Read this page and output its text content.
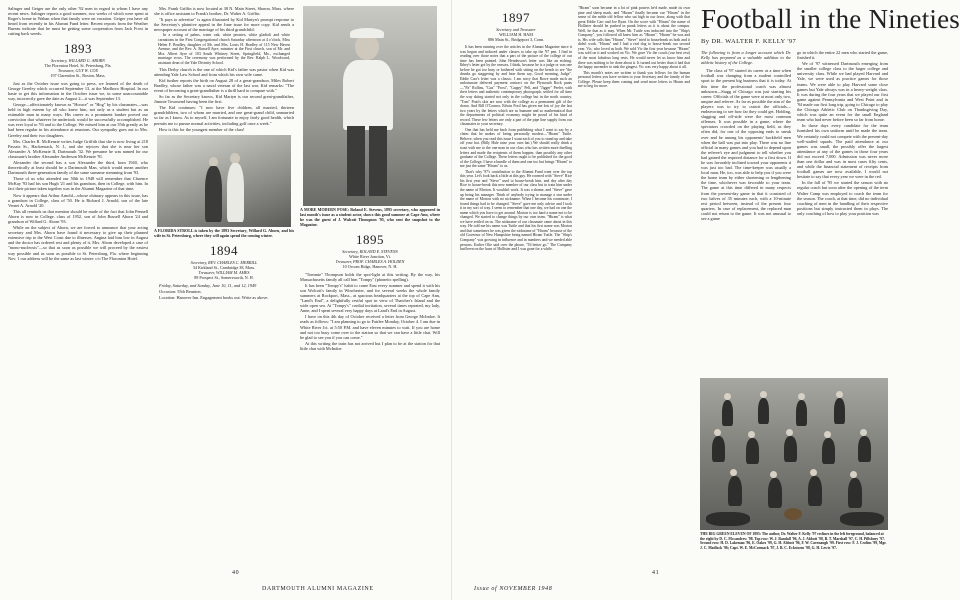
Salinger and Geiger are the only other '92 men in regard to whom I have any recent news. Salinger reports a good summer, two weeks of which were spent at Roger's home in Waban when that family were on vacation. Geiger you have all heard from recently in his Alumni Fund letter. Recent reports from the Weather Bureau indicate that he must be getting some cooperation from Jack Frost in cutting back weeds.

1893
Secretary, WILLARD G. ABORN
The Floronton Hotel, St. Petersburg, Fla.
Treasurer, GUY W. COX
197 Clarendon St., Boston, Mass.

Just as the October issue was going to press, we learned of the death of George Greeley which occurred September 13, at the Marlboro Hospital. In our haste to get this information in the October issue we, in some unaccountable way, incorrectly gave the date as August 2—it was September 13.

George—affectionately known as "Horace" or "Hog" by his classmates—was held in high esteem by all who knew him, not only as a student but as an estimable man in many ways. His career as a prominent banker proved our conviction that whatever he undertook would be successfully accomplished. He was ever loyal to '93 and to the College. We missed him at our 55th greatly as he had been regular in his attendance at reunions. Our sympathy goes out to Mrs. Greeley and their two daughters.

Mrs. Charles R. McKenzie writes Judge Griffith that she is now living at 218 Passaic St., Hackensack, N. J., and she rejoices that she is near her son Alexander A. McKenzie II, Dartmouth '32. We presume he was named for our classmate's brother Alexander Anderson McKenzie '91.

Alexander the second has a son Alexander the third, born 1940, who theoretically at least should be a Dartmouth Man, which would mean another Dartmouth three-generation family of the same surname stemming from '93.

Those of us who attended our 50th in 1948 will remember that Clarence McKay '93 had his son Hugh '21 and his grandson, then in College, with him. In fact their picture taken together was in the Alumni Magazine of that time.

Now it appears that Arthur Arnold—whose obituary appears in this issue, has a grandson in College, class of '50. He is Richard J. Arnold, son of the late Vernet A. Arnold '20.

This all reminds us that mention should be made of the fact that John Pennell Aborn is now in College, class of 1952, son of John Russell Aborn '24 and grandson of Willard G. Aborn '93.

While on the subject of Aborn, we are forced to announce that your acting secretary and Mrs. Aborn have found it necessary to give up their planned extensive trip to the West Coast due to illnesses. Angina laid him low in August and the doctor has ordered rest and plenty of it. Mrs. Aborn developed a case of "mono-nucleosis"—so that as soon as possible we will proceed by the easiest way possible and as soon as possible to St. Petersburg, Fla. where beginning Nov. 1 our address will be the same as last winter: c/o The Floronton Hotel.

Mrs. Frank Griffin is now located at 38 N. Main Street, Sharon, Mass. where she is office assistant to Frank's brother, Dr. Walter A. Griffin.

"It pays to advertise" is again illustrated by Kid Martyn's prompt response to the Secretary's plaintive appeal in the June issue for more copy. Kid sends a newspaper account of the marriage of his third grandchild:

In a setting of palms, water oak, white peonies, white gladioli and white carnations in the First Congregational church Saturday afternoon at 4 o'clock, Miss Helen F. Bradley, daughter of Mr. and Mrs. Louis H. Bradley of 115 New Haven Avenue, and the Rev. A. Russell Ayre, minister at the First church, son of Mr. and Mrs. Albert Ayre of 103 South Whitney Street, Springfield, Mo., exchanged marriage vows. The ceremony was performed by the Rev. Ralph L. Woodward, assistant dean of the Yale Divinity School.

This Derby church is the one of which Kid's father was pastor when Kid was attending Yale Law School and from which his own wife came.

Kid further reports the birth on August 28 of a great-grandson, Miles Robert Bradley, whose father was a naval veteran of the last war. Kid remarks: "The event of becoming a great-grandfather is a thrill hard to compare with."

So far as the Secretary knows, Kid Martyn is our second great-grandfather, Jimmie Townsend having been the first.

The Kid continues: "I now have five children, all married, thirteen grandchildren, two of whom are married, and one great-grand child, unmarried so far as I know. As to myself, I am fortunate to enjoy fairly good health, which permits me to pursue normal activities, including golf once a week."

How is this for the youngest member of the class!

A FLORIDA STROLL is taken by the 1893 Secretary, Willard G. Aborn, and his wife in St. Petersburg, where they will again spend the coming winter.
1894
Secretary, REV. CHARLES C. MERRILL
34 Kirkland St., Cambridge 38, Mass.
Treasurer, WILLIAM M. AMES
89 Prospect St., Somersworth, N. H.

Friday, Saturday, and Sunday, June 10, 11, and 12, 1949

Occasion: 55th Reunion.

Location: Hanover Inn. Engagement books out. Write as above.

A MORE MODERN POSE: Roland E. Stevens, 1895 secretary, who appeared in last month's issue as a student actor, shows this good summer at Cape Ann, where he was the guest of J. Walcott Thompson '95, who sent the snapshot to the Magazine.
1895
Secretary, ROLAND E. STEVENS
White River Junction, Vt.
Treasurer, PROF. CHARLES A. HOLDEN
10 Occom Ridge, Hanover, N. H.

"Tommie" Thompson holds the spot-light at this writing. By the way, his Massachusetts family all call him "Tompy" (phonetic spelling).

It has been "Tompy's" habit to come East every summer and spend it with his son Wolcott's family in Winchester, and for several weeks the whole family summers at Rockport, Mass., at spacious headquarters at the top of Cape Ann, "Land's End", a delightfully restful spot in view of Thatcher's Island and the wide open sea. At "Tompy's" cordial invitation, several times repeated, my lady, Anne, and I spent several very happy days at Land's End in August.

I have on this 4th day of October received a letter from George McIndoe. It reads as follows: "I am planning to go to Fairlee Monday, October 4. I am due in White River Jct. at 5:50 P.M. and have eleven minutes to wait. If you are home and not too busy come over to the station so that we can have a little chat. Will be glad to see you if you can come."

At this writing the train has not arrived but I plan to be at the station for that little chat with McIndoe.

40
DARTMOUTH ALUMNI MAGAZINE
1897
Secretary and Treasurer
WILLIAM H. HAM
886 Main St., Bridgeport 3, Conn.

It has been running over the articles in the Alumni Magazine since it was begun and induced under classes to take up the '97 pen. I find in reading over those notes that a part of the picture of the college of our time has been painted. John Henderson's letter was like an etching. Ibbey's letter got by the censors, I think, because he is a judge or was one before he got too busy or bothered with sitting on the bench to see "the drunks go staggering by and hear them say, Good morning, Judge". Eddie Carr's letter was a classic. I am sorry that Rowe made such an unfortunate deferred payment contract on the Plymouth Rock pants—"Pa" Rollins, "Gus" "Frost", "Gappy" Pell, and "Jigger" Peeler, with their letters and authentic contemporary photograph, settled for all time the way skiing started not only in the college but in the north country. "Tom" Pratt's skis are now with the college as a permanent gift of the donor. And Bill O'Connor, Edwin Ford has given me lots of joy the last two years by the letters which are so humane and so mathematical that the departments of political economy might be proud of his kind of record. These few letters are only a part of the pipe line supply from our classmates to your secretary.

One that has held me back from publishing what I want to say by a claim that he makes of being personally modest—"Hiram" Tuttle. Believe, when you read this issue I want each of you to stand up and take off your hat. (Billy Hale raise your own hat.) We should really drink a toast with me to the one man in our class who has written more duelling letters and made the recipients of them happier, than possibly any other graduate of the College. These letters ought to be published for the good of the College. I have a bundle of them and one too but brings "Hiram" to me just the same "Hiram" to us.

That's why '97's contribution to the Alumni Fund went over the top this year. Let's look back a little at this guy. He roomed with "Steve" Rice his first year and "Steve" used to house-break him, and day after day Rice to house-break this new member of our class but to train him under the name of Morton. It wouldn't work. It was a shame, and "Steve" gave up being his manager. Think of anybody trying to manage a star under the name of Morton with no nickname. When I became his roommate, I found things had to be changed. "Steve" gave me only advice and I took it in my sort of way. I seem to remember that one day, we had on one the name which you have to get around. Morton is too hard a name not to be changed. We started to change things by our own team. "Hiram" is what we have settled on us. The nickname of our classmate came about in this way. He told me his name was Tuttle and that his first name was Morton and that sometimes he was given the nickname of "Hiram" because of the old Governor of New Hampshire being named Hiram Tuttle. The "Ship's Company" was growing in influence and in numbers and we needed able persons. Earlier Olie said over the phone, "I'd better go." The Company had been on the lawn of Hollister and I was gone for a while.

"Hiram" soon became in a lot of pink posters he'd made, made its own pine and sheep mark, and "Hiram" finally became our "Hiram" in the sense of the noble old fellow who sat high in our favor, along with that great Eddie Carr and Joe Ryan. On the score with "Hiram" the name of Hollister should be pushed in prank letters as it is about the campus. Well, he that as it may. When Mr. Tuttle was inducted into the "Ship's Company", you followed all knew him as "Hiram". "Hiram" he was and is. His wife calls him "Hiram". "Steve" tried to housebreak us both and it didn't work. "Hiram" and I had a real dog to house-break our second year. Vic, who loved us both. We sold Vic the first year because "Hiram" was sold on it and worked on Vic. We gave Vic the couch (our best rest) of the most fabulous long rests. He would never let us know him and there was nothing to be done about it. It turned out better than it had that the happy surrender to sink the gingest. Vic was very happy about it all.

This month's notes are written to thank you fellows for the human personal letters you have written to your Secretary and the family of the College. Please keep them coming and send more letters to Hiram and me to beg for more.

Football in the Nineties
By DR. WALTER F. KELLY '97

The following is from a longer account which Dr. Kelly has prepared as a valuable addition to the athletic history of the College.

The class of '97 started its career at a time when football was changing from a student controlled sport to the present big business that it is today. At this time the professional coach was almost unknown—Stagg of Chicago was just starting his career. Officials of the game were at most only two, umpire and referee. As far as possible the aim of the players was to try to outwit the officials—endeavoring to see how far they could get. Holding, slugging and off-side were the most common offenses. It was possible in a game, where the spectators crowded on the playing field, as they often did, for one of the opposing ends to sneak over and be among his opponents' backfield men when the ball was put into play. There was no line official in many games and you had to depend upon the referee's eye and judgment to tell whether you had gained the required distance for a first down. If he was favorably inclined toward your opponents it was just too bad. The time-keeper was usually a local man. He, too, was able to help you if you were the home team by either shortening or lengthening the time, whichever was favorable to your team. The game at this time differed in many respects from the present-day game in that it consisted of two halves of 35 minutes each, with a 10-minute rest period between, instead of the present four quarters. In case of replacement, the replaced man could not return to the game. It was not unusual to see a game

go in which the entire 22 men who started the game, finished it.

We of '97 witnessed Dartmouth emerging from the smaller college class to the larger college and university class. While we had played Harvard and Yale, we were used as practice games for those teams. We were able to play Harvard some close games but Yale always was in a heavy-weight class. It was during the four years that we played our first game against Pennsylvania and West Point and in '94 made our first long trip, going to Chicago to play the Chicago Athletic Club on Thanksgiving Day, which was quite an event for the small England team who had never before been so far from home.

In those days every candidate for the team furnished his own uniform until he made the team. We certainly could not compete with the present-day well-staffed squads. The paid attendance at our games was small, the possibly offer the largest attendance at any of the games in those four years did not exceed 7,000. Admission was never more than one dollar and was in most cases fifty cents, and while the financial statement of receipts from football games are now available, I would not hesitate to say that every year we were in the red.

In the fall of '95 we started the season with no regular coach but soon after the opening of the term Walter Camp was employed to coach the team for the season. The coach, at that time, did no individual coaching of men in the handling of their respective positions but simply instructed them in plays. The only coaching of how to play your position was

THE BIG GREEN ELEVEN OF 1895: The author, Dr. Walter F. Kelly '97 reclines in the left foreground, balanced at the right by D. C. Mccandrew '98. Top row: W. J. Randall '96, A. J. Abbott '98, B. T. Marshall '97, C. H. Pillsbury '97. Second row: H. D. Lakeman '96, E. Oakes '99, G. H. Abbott '96, F. W. Cavenaugh '99. First row: F. J. Crolius '99, Mgr. J. C. Madlock '96; Capt. W. E. McCormack '97, J. B. C. Eckstorm '98, G. H. Lewis '97.
Issue of NOVEMBER 1948
41
